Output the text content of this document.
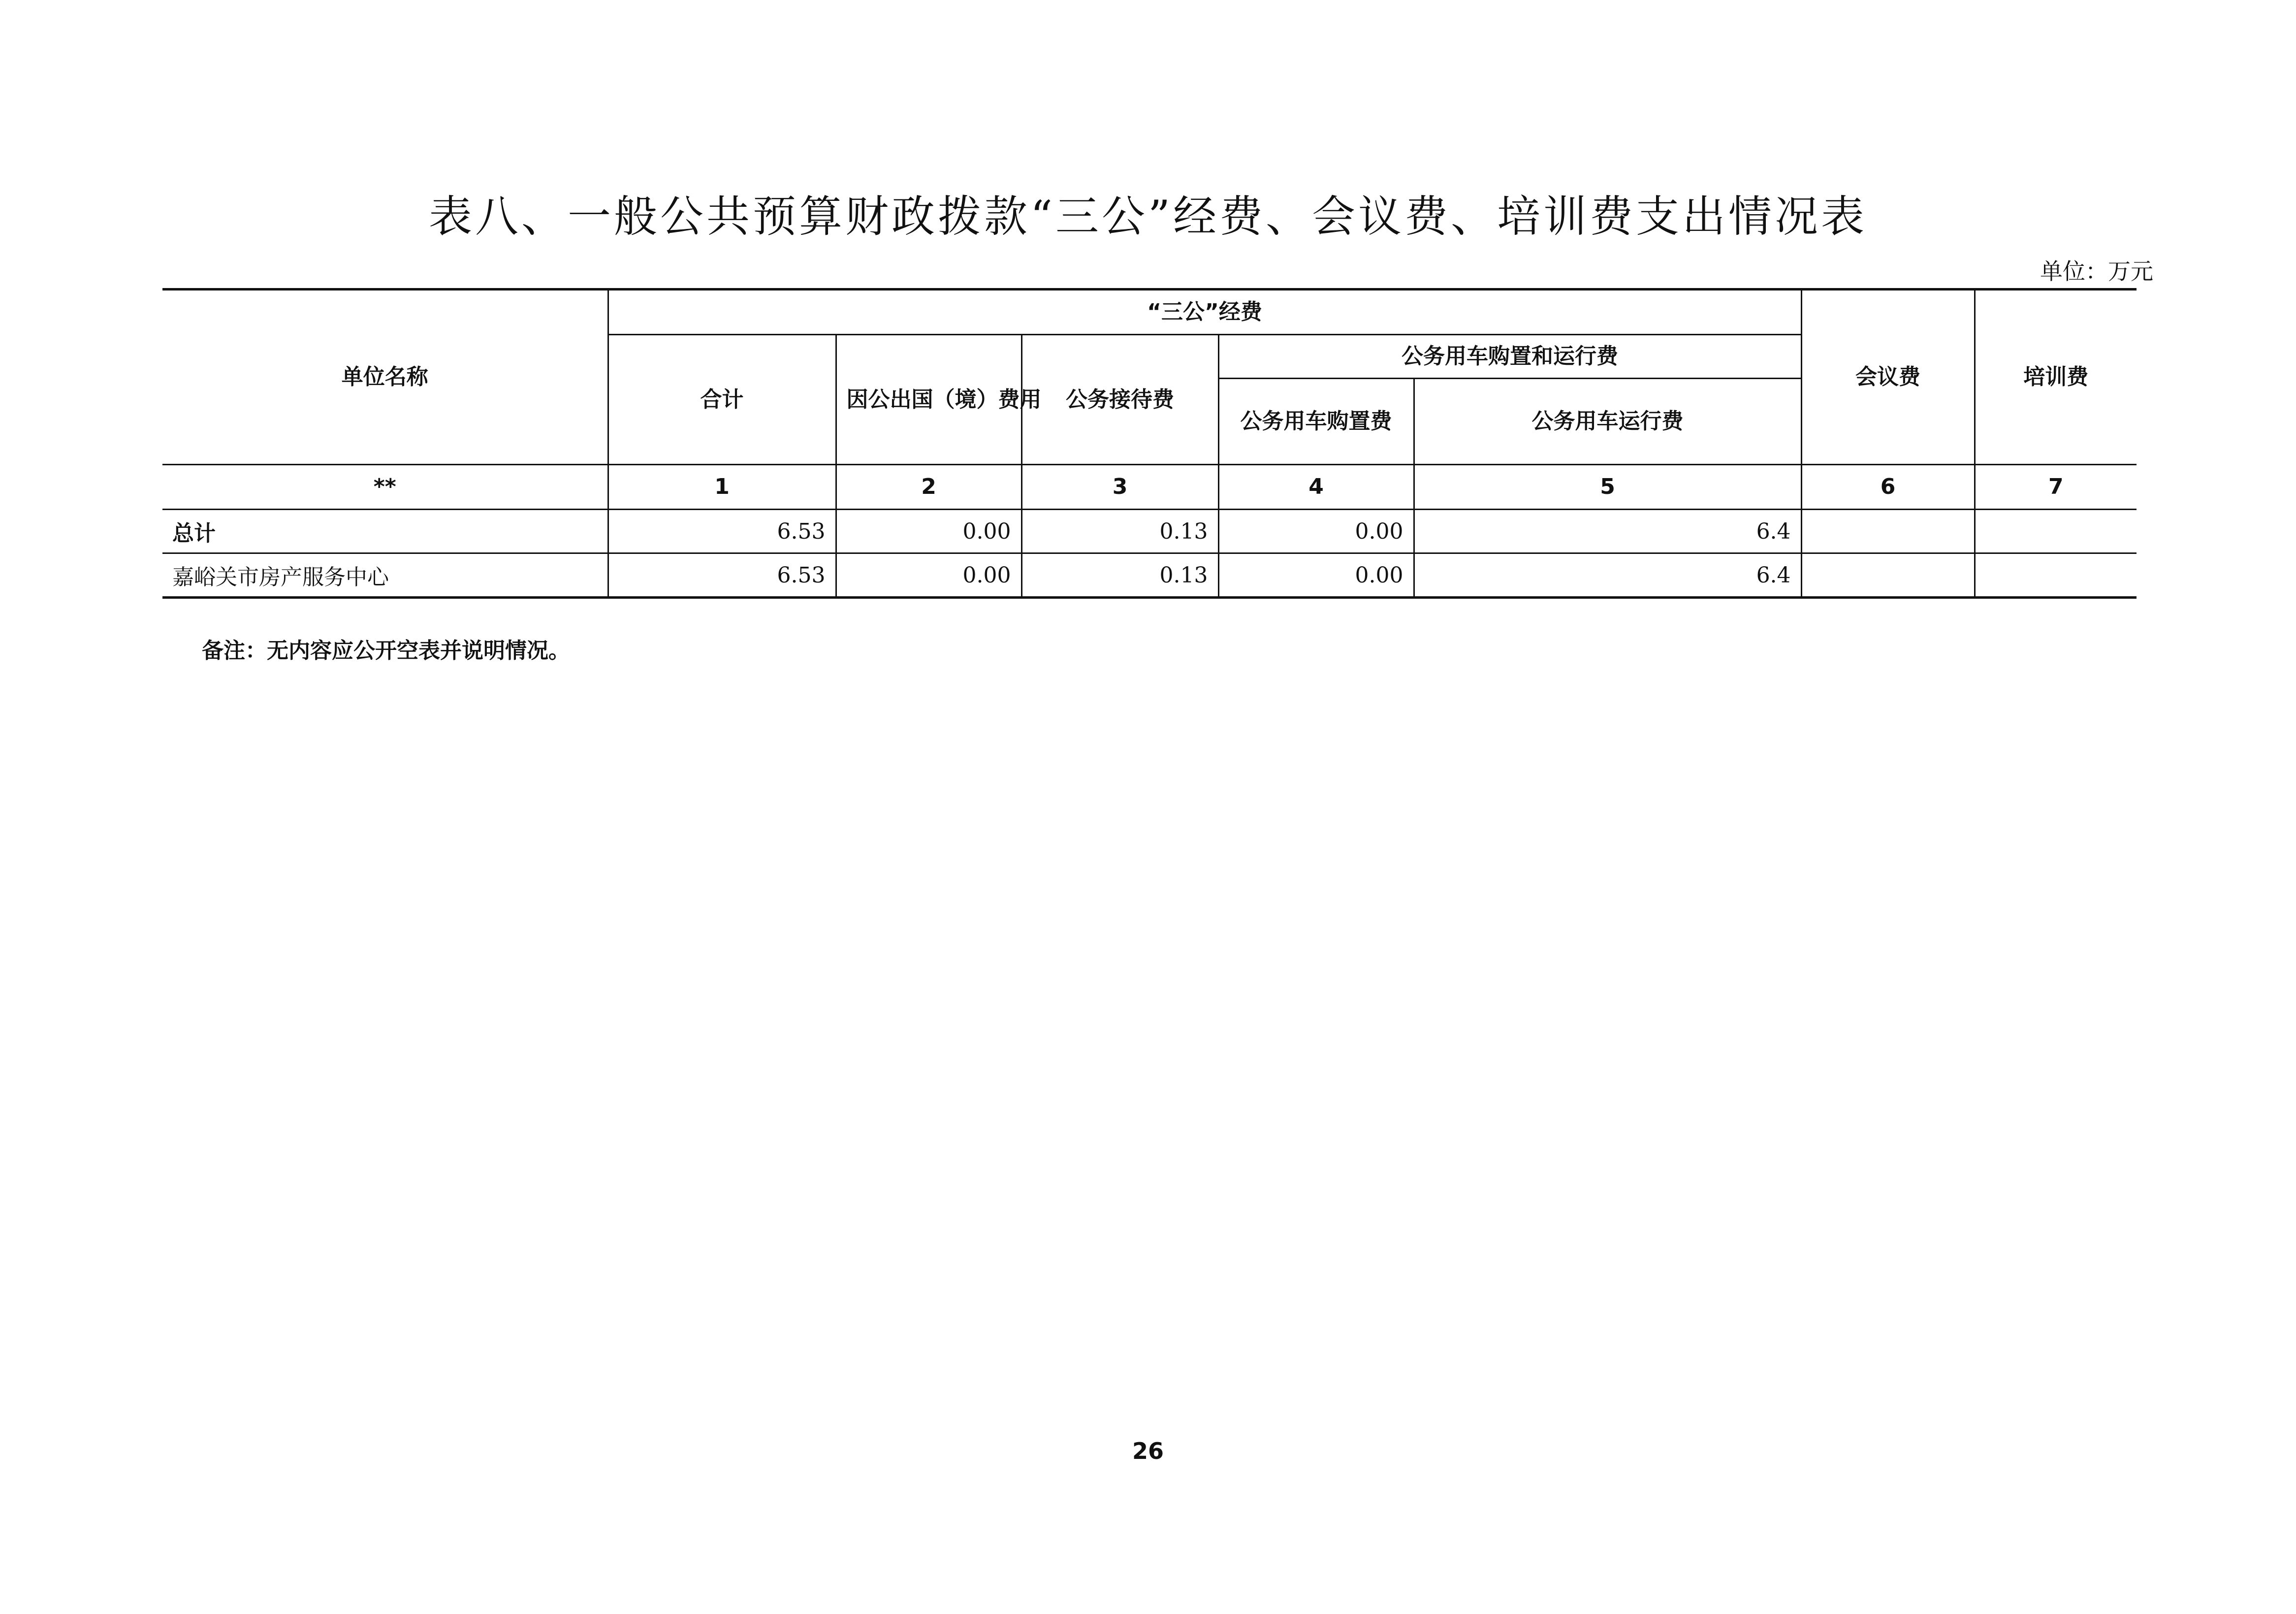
表八、一般公共预算财政拨款“三公”经费、会议费、培训费支出情况表
单位：万元
单位名称	“三公”经费					会议费	培训费
	合计	因公出国（境）费用	公务接待费	公务用车购置和运行费			
				公务用车购置费	公务用车运行费		
**	1	2	3	4	5	6	7
总计	6.53	0.00	0.13	0.00	6.4		
嘉峪关市房产服务中心	6.53	0.00	0.13	0.00	6.4		
备注：无内容应公开空表并说明情况。
26
